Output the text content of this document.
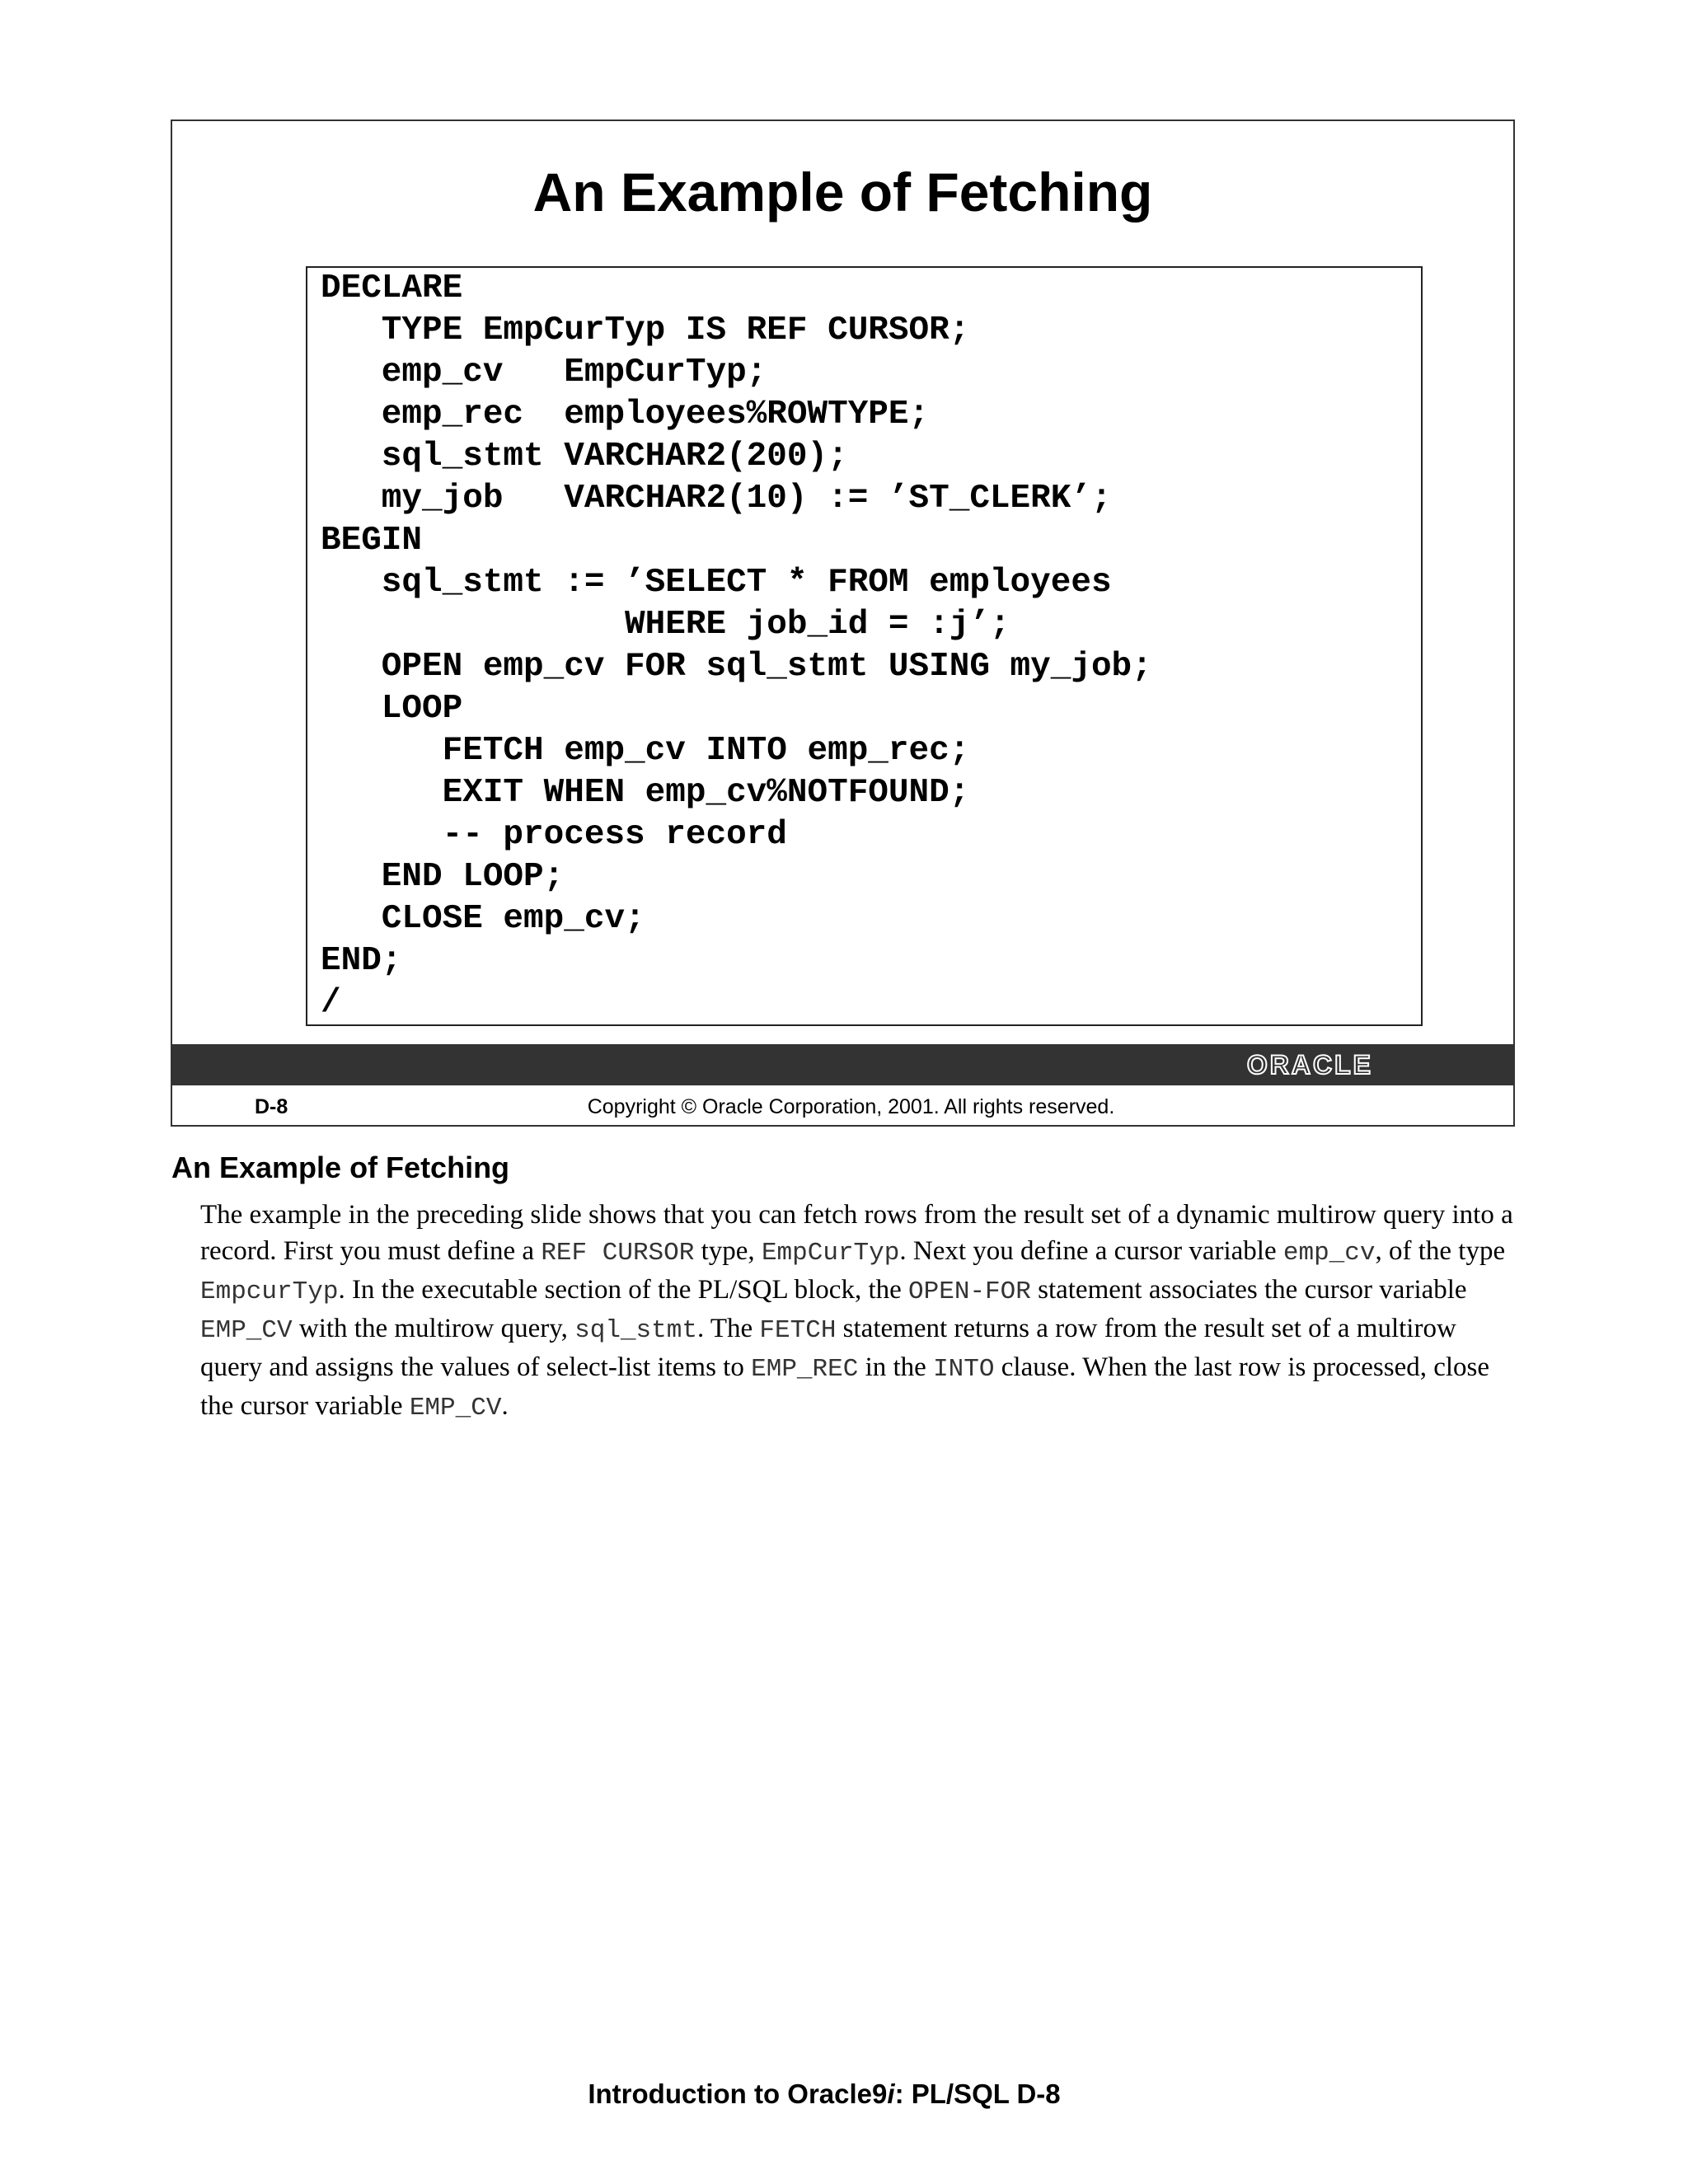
An Example of Fetching
DECLARE
TYPE EmpCurTyp IS REF CURSOR;
emp_cv   EmpCurTyp;
emp_rec  employees%ROWTYPE;
sql_stmt VARCHAR2(200);
my_job   VARCHAR2(10) := ’ST_CLERK’;
BEGIN
sql_stmt := ’SELECT * FROM employees
WHERE job_id = :j’;
OPEN emp_cv FOR sql_stmt USING my_job;
LOOP
FETCH emp_cv INTO emp_rec;
EXIT WHEN emp_cv%NOTFOUND;
-- process record
END LOOP;
CLOSE emp_cv;
END;
/
ORACLE
Copyright © Oracle Corporation, 2001. All rights reserved.
D-8
An Example of Fetching

The example in the preceding slide shows that you can fetch rows from the result set of a dynamic multirow query into a record. First you must define a REF CURSOR type, EmpCurTyp. Next you define a cursor variable emp_cv, of the type EmpcurTyp. In the executable section of the PL/SQL block, the OPEN-FOR statement associates the cursor variable EMP_CV with the multirow query, sql_stmt. The FETCH statement returns a row from the result set of a multirow query and assigns the values of select-list items to EMP_REC in the INTO clause. When the last row is processed, close the cursor variable EMP_CV.

Introduction to Oracle9i: PL/SQL D-8
